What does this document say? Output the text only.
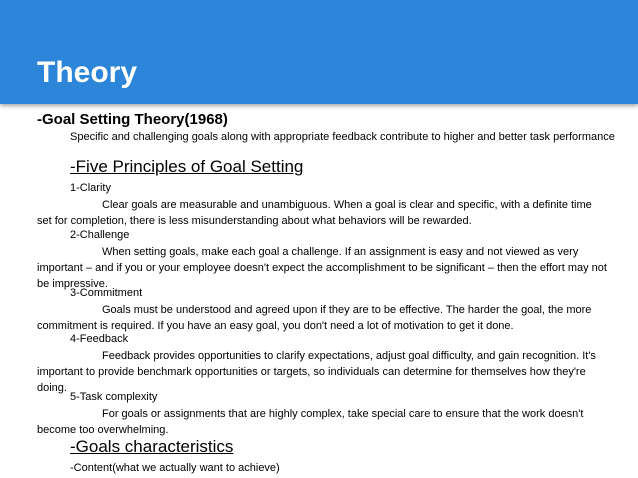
Theory
-Goal Setting Theory(1968)
Specific and challenging goals along with appropriate feedback contribute to higher and better task performance
-Five Principles of Goal Setting
1-Clarity
Clear goals are measurable and unambiguous. When a goal is clear and specific, with a definite time set for completion, there is less misunderstanding about what behaviors will be rewarded.
2-Challenge
When setting goals, make each goal a challenge. If an assignment is easy and not viewed as very important – and if you or your employee doesn't expect the accomplishment to be significant – then the effort may not be impressive.
3-Commitment
Goals must be understood and agreed upon if they are to be effective. The harder the goal, the more commitment is required. If you have an easy goal, you don't need a lot of motivation to get it done.
4-Feedback
Feedback provides opportunities to clarify expectations, adjust goal difficulty, and gain recognition. It's important to provide benchmark opportunities or targets, so individuals can determine for themselves how they're doing.
5-Task complexity
For goals or assignments that are highly complex, take special care to ensure that the work doesn't become too overwhelming.
-Goals characteristics
-Content(what we actually want to achieve)
